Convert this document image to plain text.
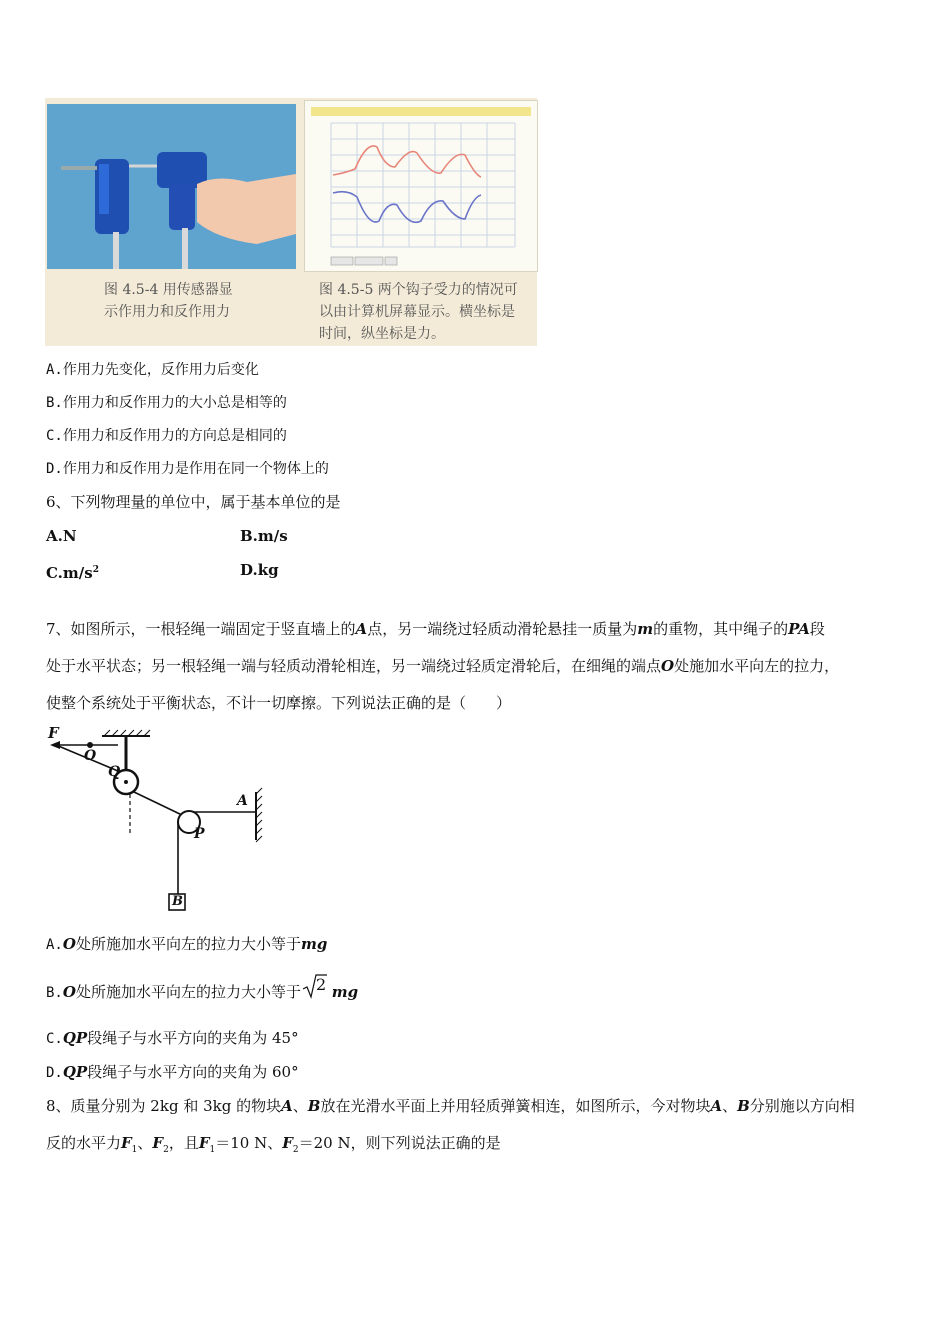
图 4.5-4 用传感器显
示作用力和反作用力
图 4.5-5 两个钩子受力的情况可
以由计算机屏幕显示。横坐标是
时间，纵坐标是力。
A.作用力先变化，反作用力后变化
B.作用力和反作用力的大小总是相等的
C.作用力和反作用力的方向总是相同的
D.作用力和反作用力是作用在同一个物体上的
6、下列物理量的单位中，属于基本单位的是
A.N	B.m/s
$C.m/s^2$	D.kg
7、如图所示，一根轻绳一端固定于竖直墙上的A点，另一端绕过轻质动滑轮悬挂一质量为m的重物，其中绳子的PA段
处于水平状态；另一根轻绳一端与轻质动滑轮相连，另一端绕过轻质定滑轮后，在细绳的端点O处施加水平向左的拉力，
使整个系统处于平衡状态，不计一切摩擦。下列说法正确的是（　　）
F
O
Q
A
P
B
A.O处所施加水平向左的拉力大小等于mg
B.O处所施加水平向左的拉力大小等于 2 mg
C.QP段绳子与水平方向的夹角为 45°
D.QP段绳子与水平方向的夹角为 60°
8、质量分别为 2kg 和 3kg 的物块A、B放在光滑水平面上并用轻质弹簧相连，如图所示，今对物块A、B分别施以方向相
反的水平力$F_1$、$F_2$，且$F_1=10$ N、$F_2=20$ N，则下列说法正确的是
